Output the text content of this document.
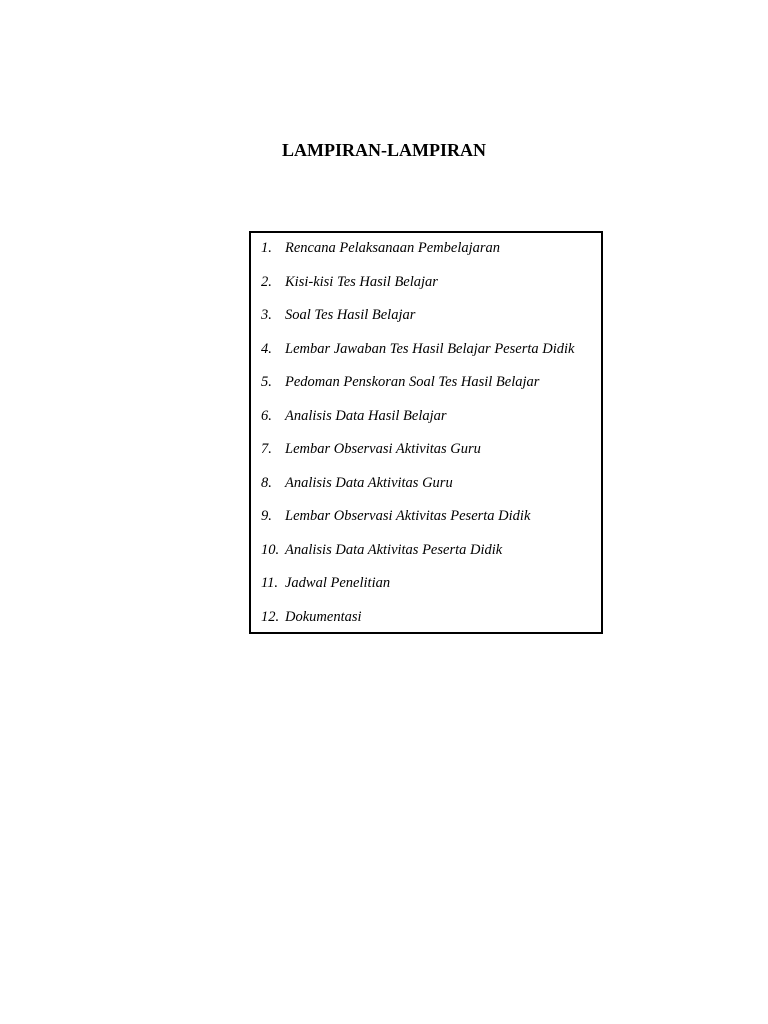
LAMPIRAN-LAMPIRAN
1. Rencana Pelaksanaan Pembelajaran
2. Kisi-kisi Tes Hasil Belajar
3. Soal Tes Hasil Belajar
4. Lembar Jawaban Tes Hasil Belajar Peserta Didik
5. Pedoman Penskoran Soal Tes Hasil Belajar
6. Analisis Data Hasil Belajar
7. Lembar Observasi Aktivitas Guru
8. Analisis Data Aktivitas Guru
9. Lembar Observasi Aktivitas Peserta Didik
10. Analisis Data Aktivitas Peserta Didik
11. Jadwal Penelitian
12. Dokumentasi
